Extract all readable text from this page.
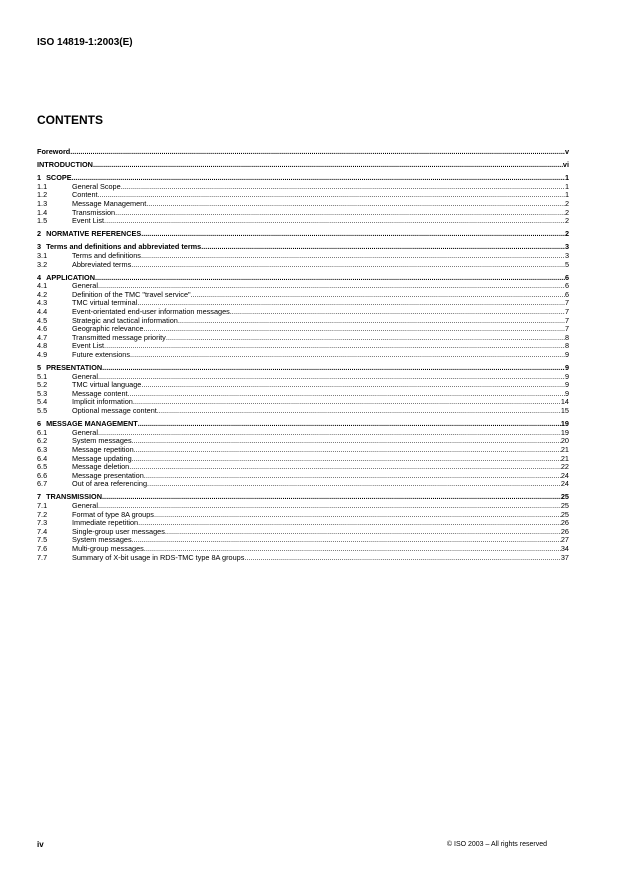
ISO 14819-1:2003(E)
CONTENTS
Foreword .....	v
INTRODUCTION .....	vi
1 SCOPE .....	1
1.1	General Scope .....	1
1.2	Content .....	1
1.3	Message Management .....	2
1.4	Transmission .....	2
1.5	Event List .....	2
2 NORMATIVE REFERENCES .....	2
3 Terms and definitions and abbreviated terms .....	3
3.1	Terms and definitions .....	3
3.2	Abbreviated terms .....	5
4 APPLICATION .....	6
4.1	General .....	6
4.2	Definition of the TMC "travel service" .....	6
4.3	TMC virtual terminal .....	7
4.4	Event-orientated end-user information messages .....	7
4.5	Strategic and tactical information .....	7
4.6	Geographic relevance .....	7
4.7	Transmitted message priority .....	8
4.8	Event List .....	8
4.9	Future extensions .....	9
5 PRESENTATION .....	9
5.1	General .....	9
5.2	TMC virtual language .....	9
5.3	Message content .....	9
5.4	Implicit information .....	14
5.5	Optional message content .....	15
6 MESSAGE MANAGEMENT .....	19
6.1	General .....	19
6.2	System messages .....	20
6.3	Message repetition .....	21
6.4	Message updating .....	21
6.5	Message deletion .....	22
6.6	Message presentation .....	24
6.7	Out of area referencing .....	24
7 TRANSMISSION .....	25
7.1	General .....	25
7.2	Format of type 8A groups .....	25
7.3	Immediate repetition .....	26
7.4	Single-group user messages .....	26
7.5	System messages .....	27
7.6	Multi-group messages .....	34
7.7	Summary of X-bit usage in RDS-TMC type 8A groups .....	37
iv	© ISO 2003 – All rights reserved
